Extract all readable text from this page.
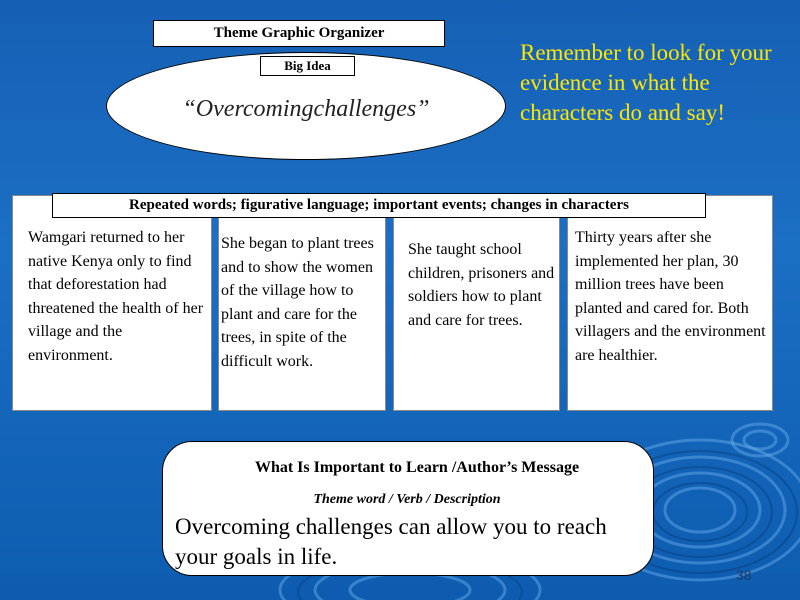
Theme Graphic Organizer
Big Idea
“Overcomingchallenges”
Remember to look for your evidence in what the characters do and say!
Repeated words; figurative language; important events; changes in characters
Wamgari returned to her native Kenya only to find that deforestation had threatened the health of her village and the environment.
She began to plant trees and to show the women of the village how to plant and care for the trees, in spite of the difficult work.
She taught school children, prisoners and soldiers how to plant and care for trees.
Thirty years after she implemented her plan, 30 million trees have been planted and cared for. Both villagers and the environment are healthier.
What Is Important to Learn /Author’s Message
Theme word / Verb / Description
Overcoming challenges can allow you to reach your goals in life.
38
